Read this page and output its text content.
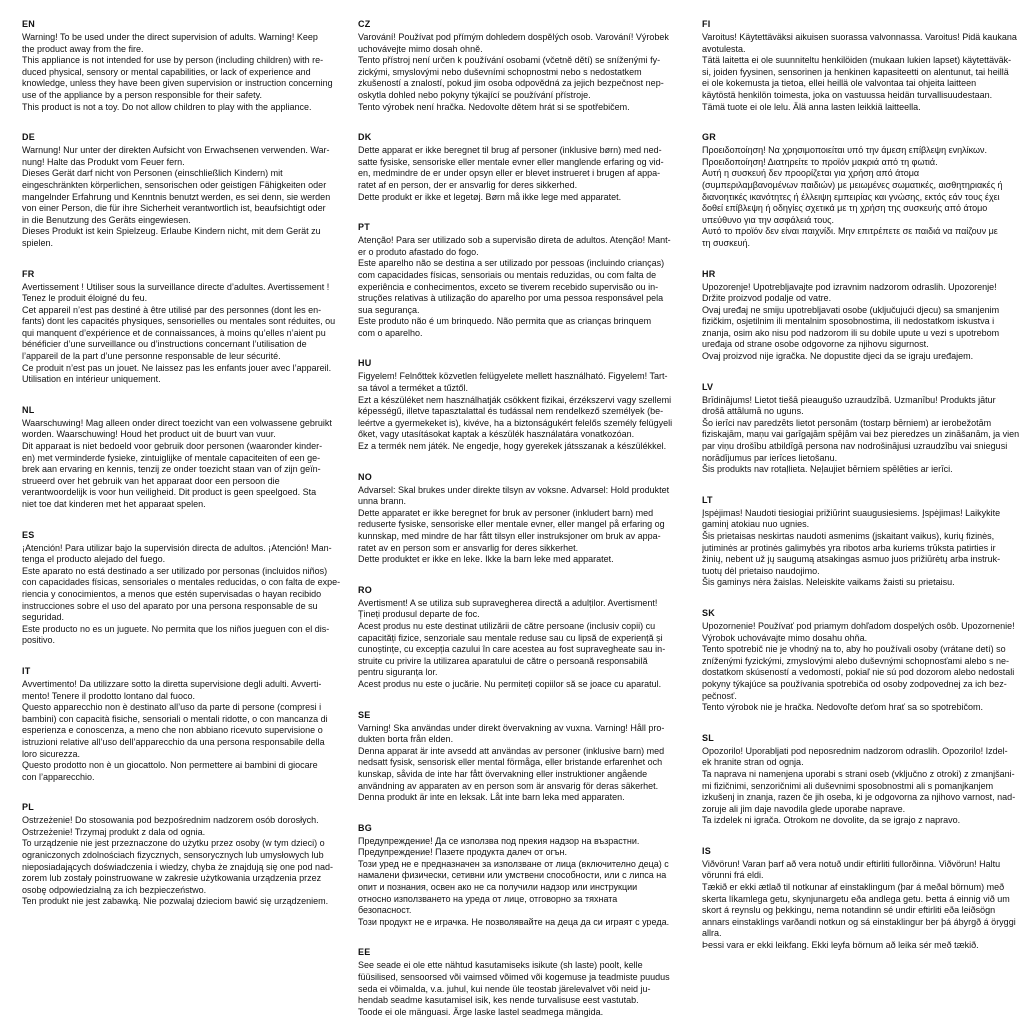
EN
Warning! To be used under the direct supervision of adults. Warning! Keep
the product away from the fire.
This appliance is not intended for use by person (including children) with re-
duced physical, sensory or mental capabilities, or lack of experience and
knowledge, unless they have been given supervision or instruction concerning
use of the appliance by a person responsible for their safety.
This product is not a toy. Do not allow children to play with the appliance.
DE
Warnung! Nur unter der direkten Aufsicht von Erwachsenen verwenden. War-
nung! Halte das Produkt vom Feuer fern.
Dieses Gerät darf nicht von Personen (einschließlich Kindern) mit
eingeschränkten körperlichen, sensorischen oder geistigen Fähigkeiten oder
mangelnder Erfahrung und Kenntnis benutzt werden, es sei denn, sie werden
von einer Person, die für ihre Sicherheit verantwortlich ist, beaufsichtigt oder
in die Benutzung des Geräts eingewiesen.
Dieses Produkt ist kein Spielzeug. Erlaube Kindern nicht, mit dem Gerät zu
spielen.
FR
Avertissement ! Utiliser sous la surveillance directe d’adultes. Avertissement !
Tenez le produit éloigné du feu.
Cet appareil n’est pas destiné à être utilisé par des personnes (dont les en-
fants) dont les capacités physiques, sensorielles ou mentales sont réduites, ou
qui manquent d’expérience et de connaissances, à moins qu’elles n’aient pu
bénéficier d’une surveillance ou d’instructions concernant l’utilisation de
l’appareil de la part d’une personne responsable de leur sécurité.
Ce produit n’est pas un jouet. Ne laissez pas les enfants jouer avec l’appareil.
Utilisation en intérieur uniquement.
NL
Waarschuwing! Mag alleen onder direct toezicht van een volwassene gebruikt
worden. Waarschuwing! Houd het product uit de buurt van vuur.
Dit apparaat is niet bedoeld voor gebruik door personen (waaronder kinder-
en) met verminderde fysieke, zintuiglijke of mentale capaciteiten of een ge-
brek aan ervaring en kennis, tenzij ze onder toezicht staan van of zijn geïn-
strueerd over het gebruik van het apparaat door een persoon die
verantwoordelijk is voor hun veiligheid. Dit product is geen speelgoed. Sta
niet toe dat kinderen met het apparaat spelen.
ES
¡Atención! Para utilizar bajo la supervisión directa de adultos. ¡Atención! Man-
tenga el producto alejado del fuego.
Este aparato no está destinado a ser utilizado por personas (incluidos niños)
con capacidades físicas, sensoriales o mentales reducidas, o con falta de expe-
riencia y conocimientos, a menos que estén supervisadas o hayan recibido
instrucciones sobre el uso del aparato por una persona responsable de su
seguridad.
Este producto no es un juguete. No permita que los niños jueguen con el dis-
positivo.
IT
Avvertimento! Da utilizzare sotto la diretta supervisione degli adulti. Avverti-
mento! Tenere il prodotto lontano dal fuoco.
Questo apparecchio non è destinato all’uso da parte di persone (compresi i
bambini) con capacità fisiche, sensoriali o mentali ridotte, o con mancanza di
esperienza e conoscenza, a meno che non abbiano ricevuto supervisione o
istruzioni relative all’uso dell’apparecchio da una persona responsabile della
loro sicurezza.
Questo prodotto non è un giocattolo. Non permettere ai bambini di giocare
con l’apparecchio.
PL
Ostrzeżenie! Do stosowania pod bezpośrednim nadzorem osób dorosłych.
Ostrzeżenie! Trzymaj produkt z dala od ognia.
To urządzenie nie jest przeznaczone do użytku przez osoby (w tym dzieci) o
ograniczonych zdolnościach fizycznych, sensorycznych lub umysłowych lub
nieposiadających doświadczenia i wiedzy, chyba że znajdują się one pod nad-
zorem lub zostały poinstruowane w zakresie użytkowania urządzenia przez
osobę odpowiedzialną za ich bezpieczeństwo.
Ten produkt nie jest zabawką. Nie pozwalaj dzieciom bawić się urządzeniem.
CZ
Varování! Používat pod přímým dohledem dospělých osob. Varování! Výrobek
uchovávejte mimo dosah ohně.
Tento přístroj není určen k používání osobami (včetně dětí) se sníženými fy-
zickými, smyslovými nebo duševními schopnostmi nebo s nedostatkem
zkušeností a znalostí, pokud jim osoba odpovědná za jejich bezpečnost nep-
oskytla dohled nebo pokyny týkající se používání přístroje.
Tento výrobek není hračka. Nedovolte dětem hrát si se spotřebičem.
DK
Dette apparat er ikke beregnet til brug af personer (inklusive børn) med ned-
satte fysiske, sensoriske eller mentale evner eller manglende erfaring og vid-
en, medmindre de er under opsyn eller er blevet instrueret i brugen af appa-
ratet af en person, der er ansvarlig for deres sikkerhed.
Dette produkt er ikke et legetøj. Børn må ikke lege med apparatet.
PT
Atenção! Para ser utilizado sob a supervisão direta de adultos. Atenção! Mant-
er o produto afastado do fogo.
Este aparelho não se destina a ser utilizado por pessoas (incluindo crianças)
com capacidades físicas, sensoriais ou mentais reduzidas, ou com falta de
experiência e conhecimentos, exceto se tiverem recebido supervisão ou in-
struções relativas à utilização do aparelho por uma pessoa responsável pela
sua segurança.
Este produto não é um brinquedo. Não permita que as crianças brinquem
com o aparelho.
HU
Figyelem! Felnőttek közvetlen felügyelete mellett használható. Figyelem! Tart-
sa távol a terméket a tűztől.
Ezt a készüléket nem használhatják csökkent fizikai, érzékszervi vagy szellemi
képességű, illetve tapasztalattal és tudással nem rendelkező személyek (be-
leértve a gyermekeket is), kivéve, ha a biztonságukért felelős személy felügyeli
őket, vagy utasításokat kaptak a készülék használatára vonatkozóan.
Ez a termék nem játék. Ne engedje, hogy gyerekek játsszanak a készülékkel.
NO
Advarsel: Skal brukes under direkte tilsyn av voksne. Advarsel: Hold produktet
unna brann.
Dette apparatet er ikke beregnet for bruk av personer (inkludert barn) med
reduserte fysiske, sensoriske eller mentale evner, eller mangel på erfaring og
kunnskap, med mindre de har fått tilsyn eller instruksjoner om bruk av appa-
ratet av en person som er ansvarlig for deres sikkerhet.
Dette produktet er ikke en leke. Ikke la barn leke med apparatet.
RO
Avertisment! A se utiliza sub supravegherea directă a adulților. Avertisment!
Țineți produsul departe de foc.
Acest produs nu este destinat utilizării de către persoane (inclusiv copii) cu
capacități fizice, senzoriale sau mentale reduse sau cu lipsă de experiență și
cunoștințe, cu excepția cazului în care acestea au fost supravegheate sau in-
struite cu privire la utilizarea aparatului de către o persoană responsabilă
pentru siguranța lor.
Acest produs nu este o jucărie. Nu permiteți copiilor să se joace cu aparatul.
SE
Varning! Ska användas under direkt övervakning av vuxna. Varning! Håll pro-
dukten borta från elden.
Denna apparat är inte avsedd att användas av personer (inklusive barn) med
nedsatt fysisk, sensorisk eller mental förmåga, eller bristande erfarenhet och
kunskap, såvida de inte har fått övervakning eller instruktioner angående
användning av apparaten av en person som är ansvarig för deras säkerhet.
Denna produkt är inte en leksak. Låt inte barn leka med apparaten.
BG
Предупреждение! Да се използва под прекия надзор на възрастни.
Предупреждение! Пазете продукта далеч от огън.
Този уред не е предназначен за използване от лица (включително деца) с
намалени физически, сетивни или умствени способности, или с липса на
опит и познания, освен ако не са получили надзор или инструкции
относно използването на уреда от лице, отговорно за тяхната
безопасност.
Този продукт не е играчка. Не позволявайте на деца да си играят с уреда.
EE
See seade ei ole ette nähtud kasutamiseks isikute (sh laste) poolt, kelle
füüsilised, sensoorsed või vaimsed võimed või kogemuse ja teadmiste puudus
seda ei võimalda, v.a. juhul, kui nende üle teostab järelevalvet või neid ju-
hendab seadme kasutamisel isik, kes nende turvalisuse eest vastutab.
Toode ei ole mänguasi. Ärge laske lastel seadmega mängida.
FI
Varoitus! Käytettäväksi aikuisen suorassa valvonnassa. Varoitus! Pidä kaukana
avotulesta.
Tätä laitetta ei ole suunniteltu henkilöiden (mukaan lukien lapset) käytettäväk-
si, joiden fyysinen, sensorinen ja henkinen kapasiteetti on alentunut, tai heillä
ei ole kokemusta ja tietoa, ellei heillä ole valvontaa tai ohjeita laitteen
käytöstä henkilön toimesta, joka on vastuussa heidän turvallisuudestaan.
Tämä tuote ei ole lelu. Älä anna lasten leikkiä laitteella.
GR
Προειδοποίηση! Να χρησιμοποιείται υπό την άμεση επίβλεψη ενηλίκων.
Προειδοποίηση! Διατηρείτε το προϊόν μακριά από τη φωτιά.
Αυτή η συσκευή δεν προορίζεται για χρήση από άτομα
(συμπεριλαμβανομένων παιδιών) με μειωμένες σωματικές, αισθητηριακές ή
διανοητικές ικανότητες ή έλλειψη εμπειρίας και γνώσης, εκτός εάν τους έχει
δοθεί επίβλεψη ή οδηγίες σχετικά με τη χρήση της συσκευής από άτομο
υπεύθυνο για την ασφάλειά τους.
Αυτό το προϊόν δεν είναι παιχνίδι. Μην επιτρέπετε σε παιδιά να παίζουν με
τη συσκευή.
HR
Upozorenje! Upotrebljavajte pod izravnim nadzorom odraslih. Upozorenje!
Držite proizvod podalje od vatre.
Ovaj uređaj ne smiju upotrebljavati osobe (uključujući djecu) sa smanjenim
fizičkim, osjetilnim ili mentalnim sposobnostima, ili nedostatkom iskustva i
znanja, osim ako nisu pod nadzorom ili su dobile upute u vezi s upotrebom
uređaja od strane osobe odgovorne za njihovu sigurnost.
Ovaj proizvod nije igračka. Ne dopustite djeci da se igraju uređajem.
LV
Brīdinājums! Lietot tiešā pieaugušo uzraudzībā. Uzmanību! Produkts jātur
drošā attālumā no uguns.
Šo ierīci nav paredzēts lietot personām (tostarp bērniem) ar ierobežotām
fiziskajām, maņu vai garīgajām spējām vai bez pieredzes un zināšanām, ja vien
par viņu drošību atbildīgā persona nav nodrošinājusi uzraudzību vai sniegusi
norādījumus par ierīces lietošanu.
Šis produkts nav rotaļlieta. Neļaujiet bērniem spēlēties ar ierīci.
LT
Įspėjimas! Naudoti tiesiogiai prižiūrint suaugusiesiems. Įspėjimas! Laikykite
gaminį atokiau nuo ugnies.
Šis prietaisas neskirtas naudoti asmenims (įskaitant vaikus), kurių fizinės,
jutiminės ar protinės galimybės yra ribotos arba kuriems trūksta patirties ir
žinių, nebent už jų saugumą atsakingas asmuo juos prižiūrėtų arba instruk-
tuotų dėl prietaiso naudojimo.
Šis gaminys nėra žaislas. Neleiskite vaikams žaisti su prietaisu.
SK
Upozornenie! Používať pod priamym dohľadom dospelých osôb. Upozornenie!
Výrobok uchovávajte mimo dosahu ohňa.
Tento spotrebič nie je vhodný na to, aby ho používali osoby (vrátane detí) so
zníženými fyzickými, zmyslovými alebo duševnými schopnosťami alebo s ne-
dostatkom skúseností a vedomostí, pokiaľ nie sú pod dozorom alebo nedostali
pokyny týkajúce sa používania spotrebiča od osoby zodpovednej za ich bez-
pečnosť.
Tento výrobok nie je hračka. Nedovoľte deťom hrať sa so spotrebičom.
SL
Opozorilo! Uporabljati pod neposrednim nadzorom odraslih. Opozorilo! Izdel-
ek hranite stran od ognja.
Ta naprava ni namenjena uporabi s strani oseb (vključno z otroki) z zmanjšani-
mi fizičnimi, senzoričnimi ali duševnimi sposobnostmi ali s pomanjkanjem
izkušenj in znanja, razen če jih oseba, ki je odgovorna za njihovo varnost, nad-
zoruje ali jim daje navodila glede uporabe naprave.
Ta izdelek ni igrača. Otrokom ne dovolite, da se igrajo z napravo.
IS
Viðvörun! Varan þarf að vera notuð undir eftirliti fullorðinna. Viðvörun! Haltu
vörunni frá eldi.
Tækið er ekki ætlað til notkunar af einstaklingum (þar á meðal börnum) með
skerta líkamlega getu, skynjunargetu eða andlega getu. Þetta á einnig við um
skort á reynslu og þekkingu, nema notandinn sé undir eftirliti eða leiðsögn
annars einstaklings varðandi notkun og sá einstaklingur ber þá ábyrgð á öryggi
allra.
Þessi vara er ekki leikfang. Ekki leyfa börnum að leika sér með tækið.
